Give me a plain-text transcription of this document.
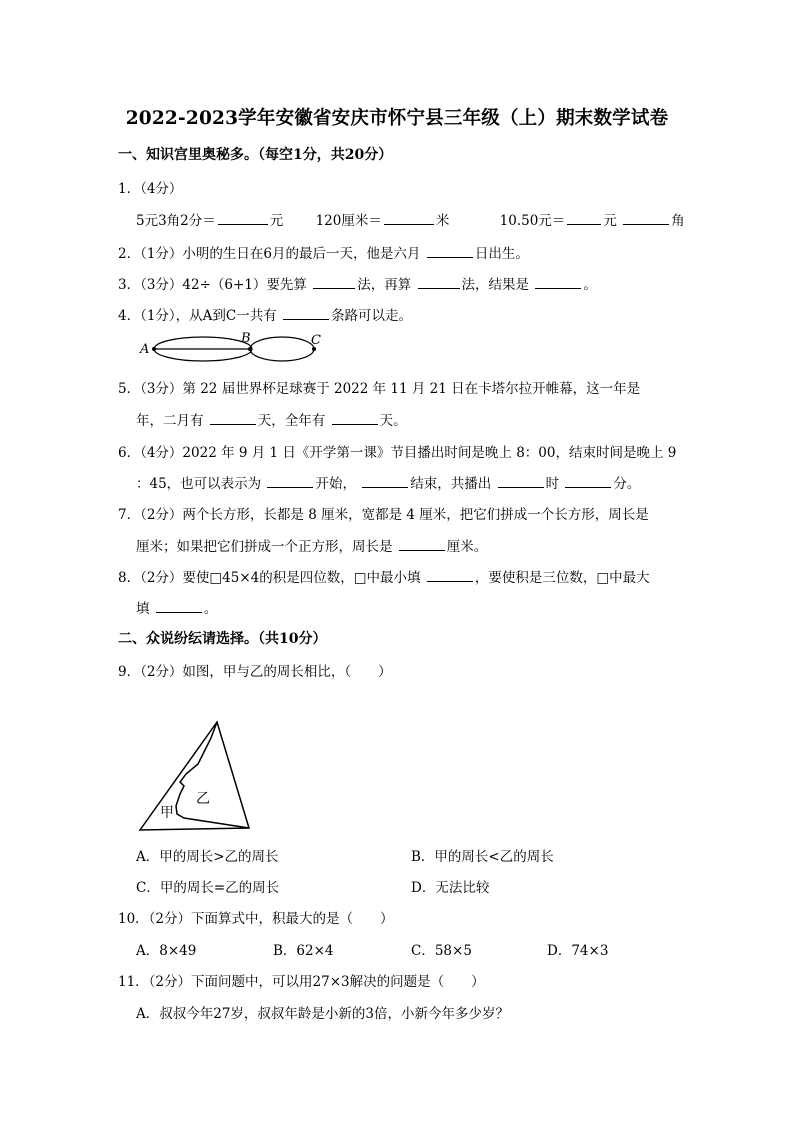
2022-2023学年安徽省安庆市怀宁县三年级（上）期末数学试卷
一、知识宫里奥秘多。（每空1分，共20分）
1．（4分）
5元3角2分＝	元 120厘米＝	米	10.50元＝	元	角
2．（1分）小明的生日在6月的最后一天，他是六月	日出生。
3．（3分）42÷（6+1）要先算	法，再算	法，结果是	。
4．（1分），从A到C一共有	条路可以走。
A
B	C
5．（3分）第 22 届世界杯足球赛于 2022 年 11 月 21 日在卡塔尔拉开帷幕，这一年是
年，二月有	天，全年有	天。
6．（4分）2022 年 9 月 1 日《开学第一课》节目播出时间是晚上 8：00，结束时间是晚上 9
：45，也可以表示为	开始，	结束，共播出	时	分。
7．（2分）两个长方形，长都是 8 厘米，宽都是 4 厘米，把它们拼成一个长方形，周长是
厘米；如果把它们拼成一个正方形，周长是	厘米。
8．（2分）要使□45×4的积是四位数，□中最小填	，要使积是三位数，□中最大
填	。
二、众说纷纭请选择。（共10分）
9．（2分）如图，甲与乙的周长相比，（　　）
甲
乙
A．甲的周长>乙的周长	B．甲的周长<乙的周长
C．甲的周长=乙的周长	D．无法比较
10．（2分）下面算式中，积最大的是（　　）
A．8×49	B．62×4	C．58×5	D．74×3
11．（2分）下面问题中，可以用27×3解决的问题是（　　）
A．叔叔今年27岁，叔叔年龄是小新的3倍，小新今年多少岁？
